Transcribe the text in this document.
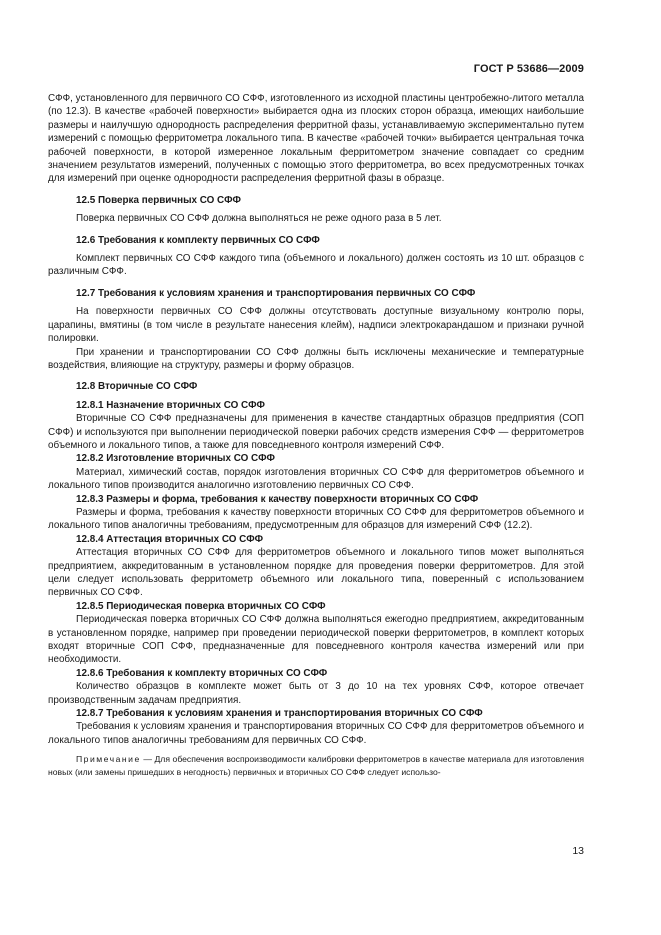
ГОСТ Р 53686—2009

СФФ, установленного для первичного СО СФФ, изготовленного из исходной пластины центробежно-литого металла (по 12.3). В качестве «рабочей поверхности» выбирается одна из плоских сторон образца, имеющих наибольшие размеры и наилучшую однородность распределения ферритной фазы, устанавливаемую экспериментально путем измерений с помощью ферритометра локального типа. В качестве «рабочей точки» выбирается центральная точка рабочей поверхности, в которой измеренное локальным ферритометром значение совпадает со средним значением результатов измерений, полученных с помощью этого ферритометра, во всех предусмотренных точках для измерений при оценке однородности распределения ферритной фазы в образце.

12.5 Поверка первичных СО СФФ

Поверка первичных СО СФФ должна выполняться не реже одного раза в 5 лет.

12.6 Требования к комплекту первичных СО СФФ

Комплект первичных СО СФФ каждого типа (объемного и локального) должен состоять из 10 шт. образцов с различным СФФ.

12.7 Требования к условиям хранения и транспортирования первичных СО СФФ

На поверхности первичных СО СФФ должны отсутствовать доступные визуальному контролю поры, царапины, вмятины (в том числе в результате нанесения клейм), надписи электрокарандашом и признаки ручной полировки.

При хранении и транспортировании СО СФФ должны быть исключены механические и температурные воздействия, влияющие на структуру, размеры и форму образцов.

12.8 Вторичные СО СФФ

12.8.1 Назначение вторичных СО СФФ

Вторичные СО СФФ предназначены для применения в качестве стандартных образцов предприятия (СОП СФФ) и используются при выполнении периодической поверки рабочих средств измерения СФФ — ферритометров объемного и локального типов, а также для повседневного контроля измерений СФФ.

12.8.2 Изготовление вторичных СО СФФ

Материал, химический состав, порядок изготовления вторичных СО СФФ для ферритометров объемного и локального типов производится аналогично изготовлению первичных СО СФФ.

12.8.3 Размеры и форма, требования к качеству поверхности вторичных СО СФФ

Размеры и форма, требования к качеству поверхности вторичных СО СФФ для ферритометров объемного и локального типов аналогичны требованиям, предусмотренным для образцов для измерений СФФ (12.2).

12.8.4 Аттестация вторичных СО СФФ

Аттестация вторичных СО СФФ для ферритометров объемного и локального типов может выполняться предприятием, аккредитованным в установленном порядке для проведения поверки ферритометров. Для этой цели следует использовать ферритометр объемного или локального типа, поверенный с использованием первичных СО СФФ.

12.8.5 Периодическая поверка вторичных СО СФФ

Периодическая поверка вторичных СО СФФ должна выполняться ежегодно предприятием, аккредитованным в установленном порядке, например при проведении периодической поверки ферритометров, в комплект которых входят вторичные СОП СФФ, предназначенные для повседневного контроля качества измерений или при необходимости.

12.8.6 Требования к комплекту вторичных СО СФФ

Количество образцов в комплекте может быть от 3 до 10 на тех уровнях СФФ, которое отвечает производственным задачам предприятия.

12.8.7 Требования к условиям хранения и транспортирования вторичных СО СФФ

Требования к условиям хранения и транспортирования вторичных СО СФФ для ферритометров объемного и локального типов аналогичны требованиям для первичных СО СФФ.

Примечание — Для обеспечения воспроизводимости калибровки ферритометров в качестве материала для изготовления новых (или замены пришедших в негодность) первичных и вторичных СО СФФ следует использо-

13
